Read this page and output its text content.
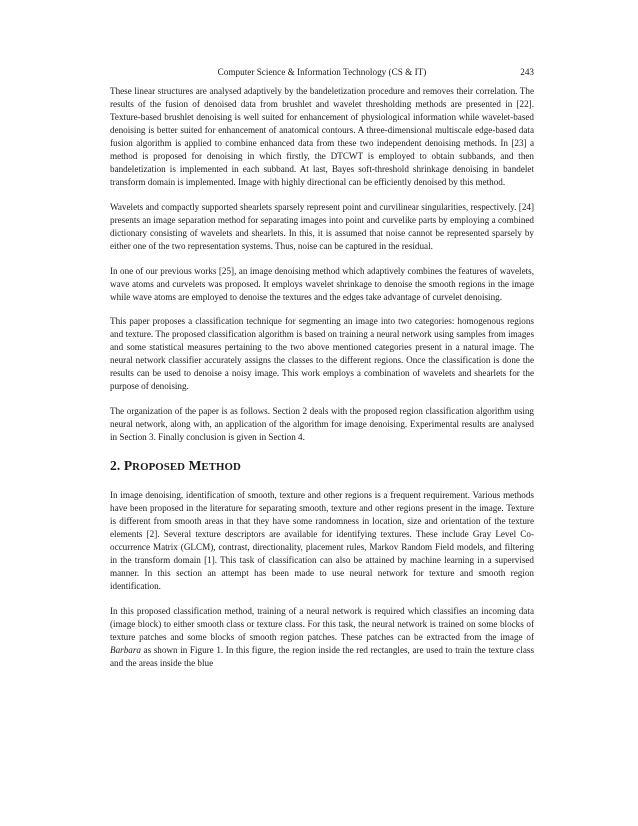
Computer Science & Information Technology (CS & IT)	243

These linear structures are analysed adaptively by the bandeletization procedure and removes their correlation. The results of the fusion of denoised data from brushlet and wavelet thresholding methods are presented in [22]. Texture-based brushlet denoising is well suited for enhancement of physiological information while wavelet-based denoising is better suited for enhancement of anatomical contours. A three-dimensional multiscale edge-based data fusion algorithm is applied to combine enhanced data from these two independent denoising methods. In [23] a method is proposed for denoising in which firstly, the DTCWT is employed to obtain subbands, and then bandeletization is implemented in each subband. At last, Bayes soft-threshold shrinkage denoising in bandelet transform domain is implemented. Image with highly directional can be efficiently denoised by this method.

Wavelets and compactly supported shearlets sparsely represent point and curvilinear singularities, respectively. [24] presents an image separation method for separating images into point and curvelike parts by employing a combined dictionary consisting of wavelets and shearlets. In this, it is assumed that noise cannot be represented sparsely by either one of the two representation systems. Thus, noise can be captured in the residual.

In one of our previous works [25], an image denoising method which adaptively combines the features of wavelets, wave atoms and curvelets was proposed. It employs wavelet shrinkage to denoise the smooth regions in the image while wave atoms are employed to denoise the textures and the edges take advantage of curvelet denoising.

This paper proposes a classification technique for segmenting an image into two categories: homogenous regions and texture. The proposed classification algorithm is based on training a neural network using samples from images and some statistical measures pertaining to the two above mentioned categories present in a natural image. The neural network classifier accurately assigns the classes to the different regions. Once the classification is done the results can be used to denoise a noisy image. This work employs a combination of wavelets and shearlets for the purpose of denoising.

The organization of the paper is as follows. Section 2 deals with the proposed region classification algorithm using neural network, along with, an application of the algorithm for image denoising. Experimental results are analysed in Section 3. Finally conclusion is given in Section 4.

2. PROPOSED METHOD

In image denoising, identification of smooth, texture and other regions is a frequent requirement. Various methods have been proposed in the literature for separating smooth, texture and other regions present in the image. Texture is different from smooth areas in that they have some randomness in location, size and orientation of the texture elements [2]. Several texture descriptors are available for identifying textures. These include Gray Level Co-occurrence Matrix (GLCM), contrast, directionality, placement rules, Markov Random Field models, and filtering in the transform domain [1]. This task of classification can also be attained by machine learning in a supervised manner. In this section an attempt has been made to use neural network for texture and smooth region identification.

In this proposed classification method, training of a neural network is required which classifies an incoming data (image block) to either smooth class or texture class. For this task, the neural network is trained on some blocks of texture patches and some blocks of smooth region patches. These patches can be extracted from the image of Barbara as shown in Figure 1. In this figure, the region inside the red rectangles, are used to train the texture class and the areas inside the blue
